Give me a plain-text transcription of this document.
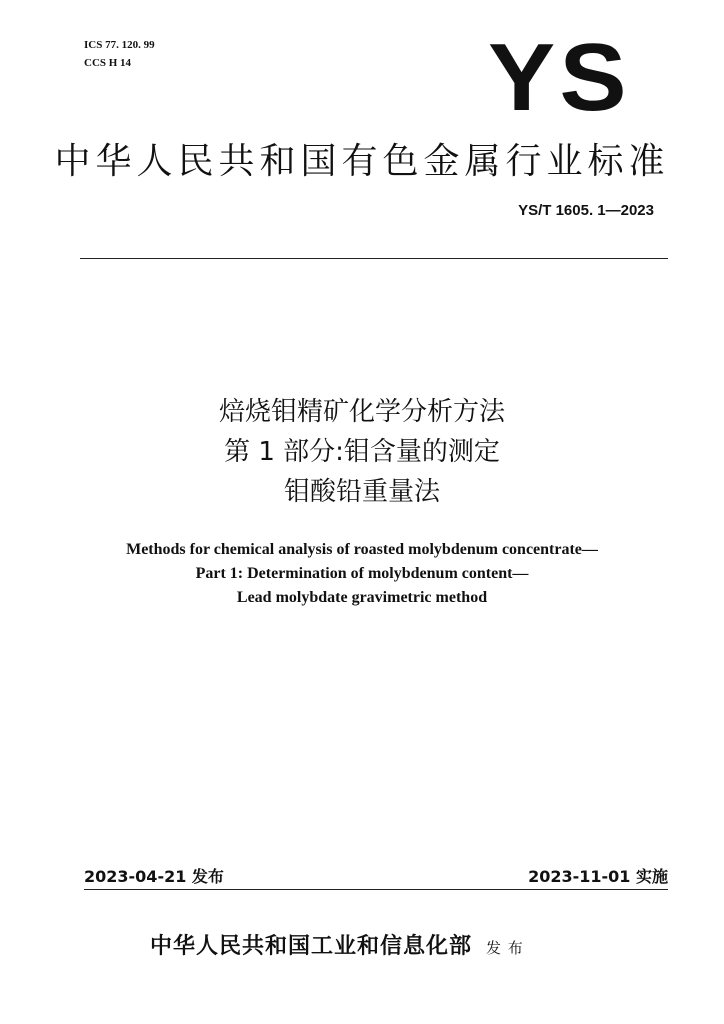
ICS 77. 120. 99
CCS H 14	YS
中华人民共和国有色金属行业标准
YS/T 1605. 1—2023
焙烧钼精矿化学分析方法
第 1 部分:钼含量的测定
钼酸铅重量法
Methods for chemical analysis of roasted molybdenum concentrate—
Part 1: Determination of molybdenum content—
Lead molybdate gravimetric method
2023-04-21 发布	2023-11-01 实施
中华人民共和国工业和信息化部 发 布
